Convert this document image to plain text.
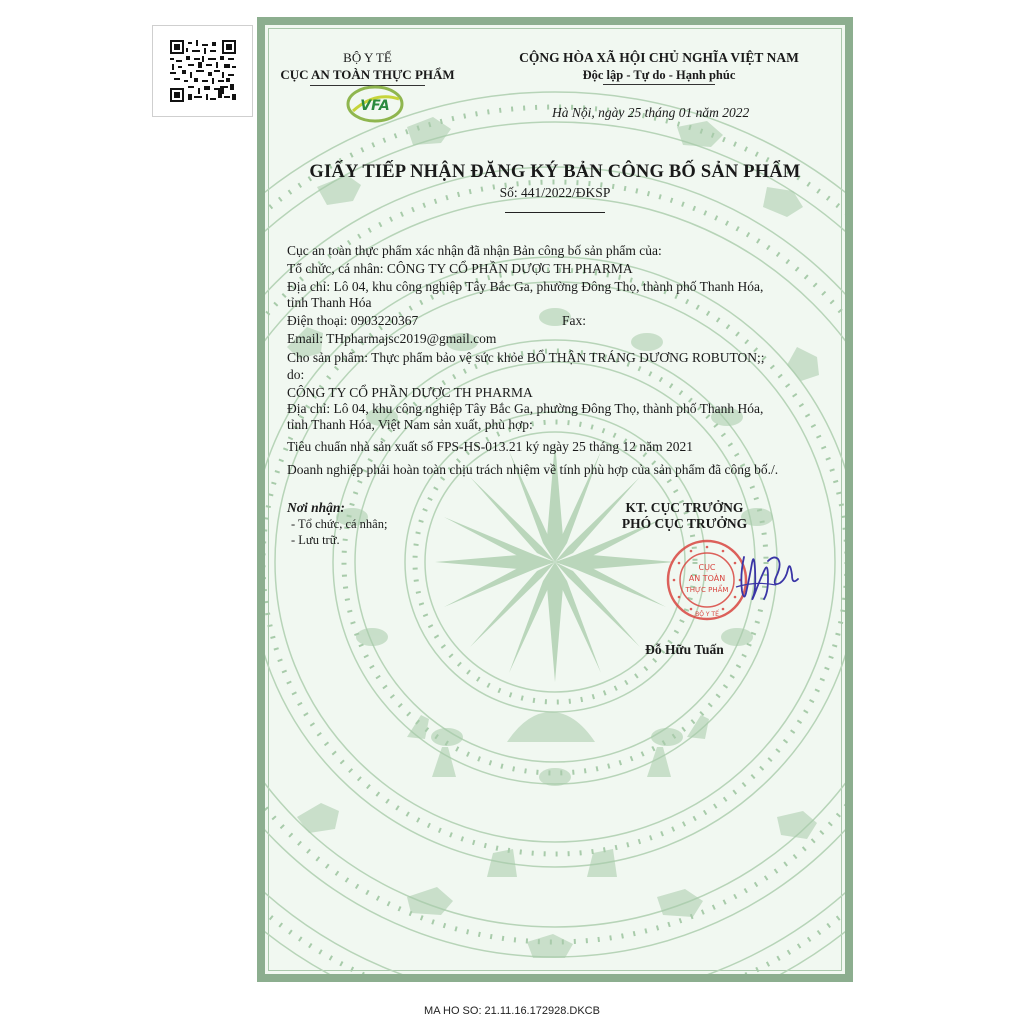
BỘ Y TẾ
CỤC AN TOÀN THỰC PHẨM
VFA
CỘNG HÒA XÃ HỘI CHỦ NGHĨA VIỆT NAM
Độc lập - Tự do - Hạnh phúc
Hà Nội, ngày 25 tháng 01 năm 2022
GIẤY TIẾP NHẬN ĐĂNG KÝ BẢN CÔNG BỐ SẢN PHẨM
Số: 441/2022/ĐKSP
Cục an toàn thực phẩm xác nhận đã nhận Bản công bố sản phẩm của:
Tổ chức, cá nhân: CÔNG TY CỔ PHẦN DƯỢC TH PHARMA
Địa chỉ: Lô 04, khu công nghiệp Tây Bắc Ga, phường Đông Thọ, thành phố Thanh Hóa,
tỉnh Thanh Hóa
Điện thoại: 0903220367	Fax:
Email: THpharmajsc2019@gmail.com
Cho sản phẩm: Thực phẩm bảo vệ sức khỏe BỔ THẬN TRÁNG DƯƠNG ROBUTON;;
do:
CÔNG TY CỔ PHẦN DƯỢC TH PHARMA
Địa chỉ: Lô 04, khu công nghiệp Tây Bắc Ga, phường Đông Thọ, thành phố Thanh Hóa,
tỉnh Thanh Hóa, Việt Nam sản xuất, phù hợp:
Tiêu chuẩn nhà sản xuất số FPS-HS-013.21 ký ngày 25 tháng 12 năm 2021
Doanh nghiệp phải hoàn toàn chịu trách nhiệm về tính phù hợp của sản phẩm đã công bố./.
Nơi nhận:
- Tổ chức, cá nhân;
- Lưu trữ.
KT. CỤC TRƯỞNG
PHÓ CỤC TRƯỞNG
CỤC
AN TOÀN
THỰC PHẨM
BỘ Y TẾ
Đỗ Hữu Tuấn
MA HO SO: 21.11.16.172928.DKCB
